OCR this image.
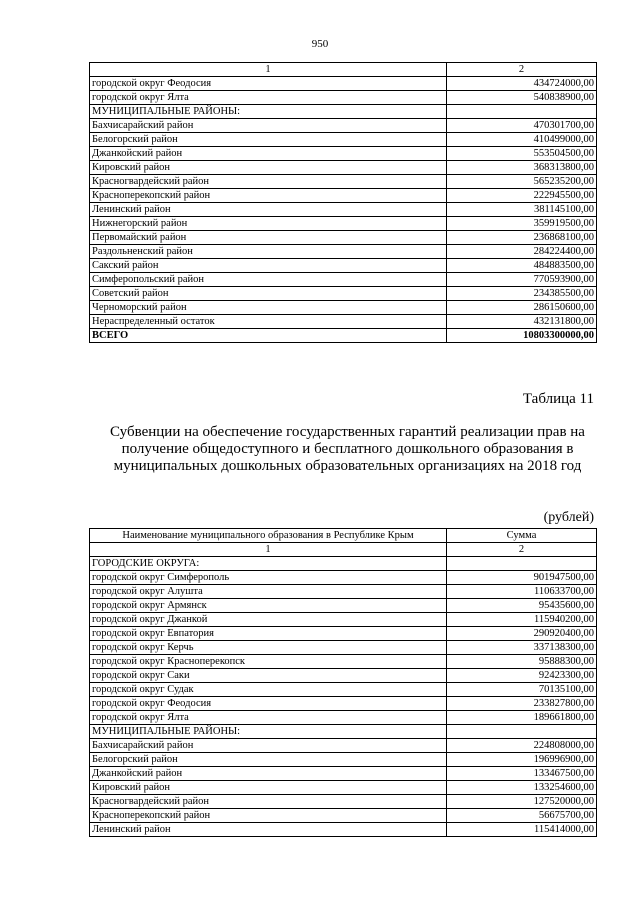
950
1	2
городской округ Феодосия	434724000,00
городской округ Ялта	540838900,00
МУНИЦИПАЛЬНЫЕ РАЙОНЫ:	
Бахчисарайский район	470301700,00
Белогорский район	410499000,00
Джанкойский район	553504500,00
Кировский район	368313800,00
Красногвардейский район	565235200,00
Красноперекопский район	222945500,00
Ленинский район	381145100,00
Нижнегорский район	359919500,00
Первомайский район	236868100,00
Раздольненский район	284224400,00
Сакский район	484883500,00
Симферопольский район	770593900,00
Советский район	234385500,00
Черноморский район	286150600,00
Нераспределенный остаток	432131800,00
ВСЕГО	10803300000,00
Таблица 11
Субвенции на обеспечение государственных гарантий реализации прав на получение общедоступного и бесплатного дошкольного образования в муниципальных дошкольных образовательных организациях на 2018 год
(рублей)
Наименование муниципального образования в Республике Крым	Сумма
1	2
ГОРОДСКИЕ ОКРУГА:	
городской округ Симферополь	901947500,00
городской округ Алушта	110633700,00
городской округ Армянск	95435600,00
городской округ Джанкой	115940200,00
городской округ Евпатория	290920400,00
городской округ Керчь	337138300,00
городской округ Красноперекопск	95888300,00
городской округ Саки	92423300,00
городской округ Судак	70135100,00
городской округ Феодосия	233827800,00
городской округ Ялта	189661800,00
МУНИЦИПАЛЬНЫЕ РАЙОНЫ:	
Бахчисарайский район	224808000,00
Белогорский район	196996900,00
Джанкойский район	133467500,00
Кировский район	133254600,00
Красногвардейский район	127520000,00
Красноперекопский район	56675700,00
Ленинский район	115414000,00
